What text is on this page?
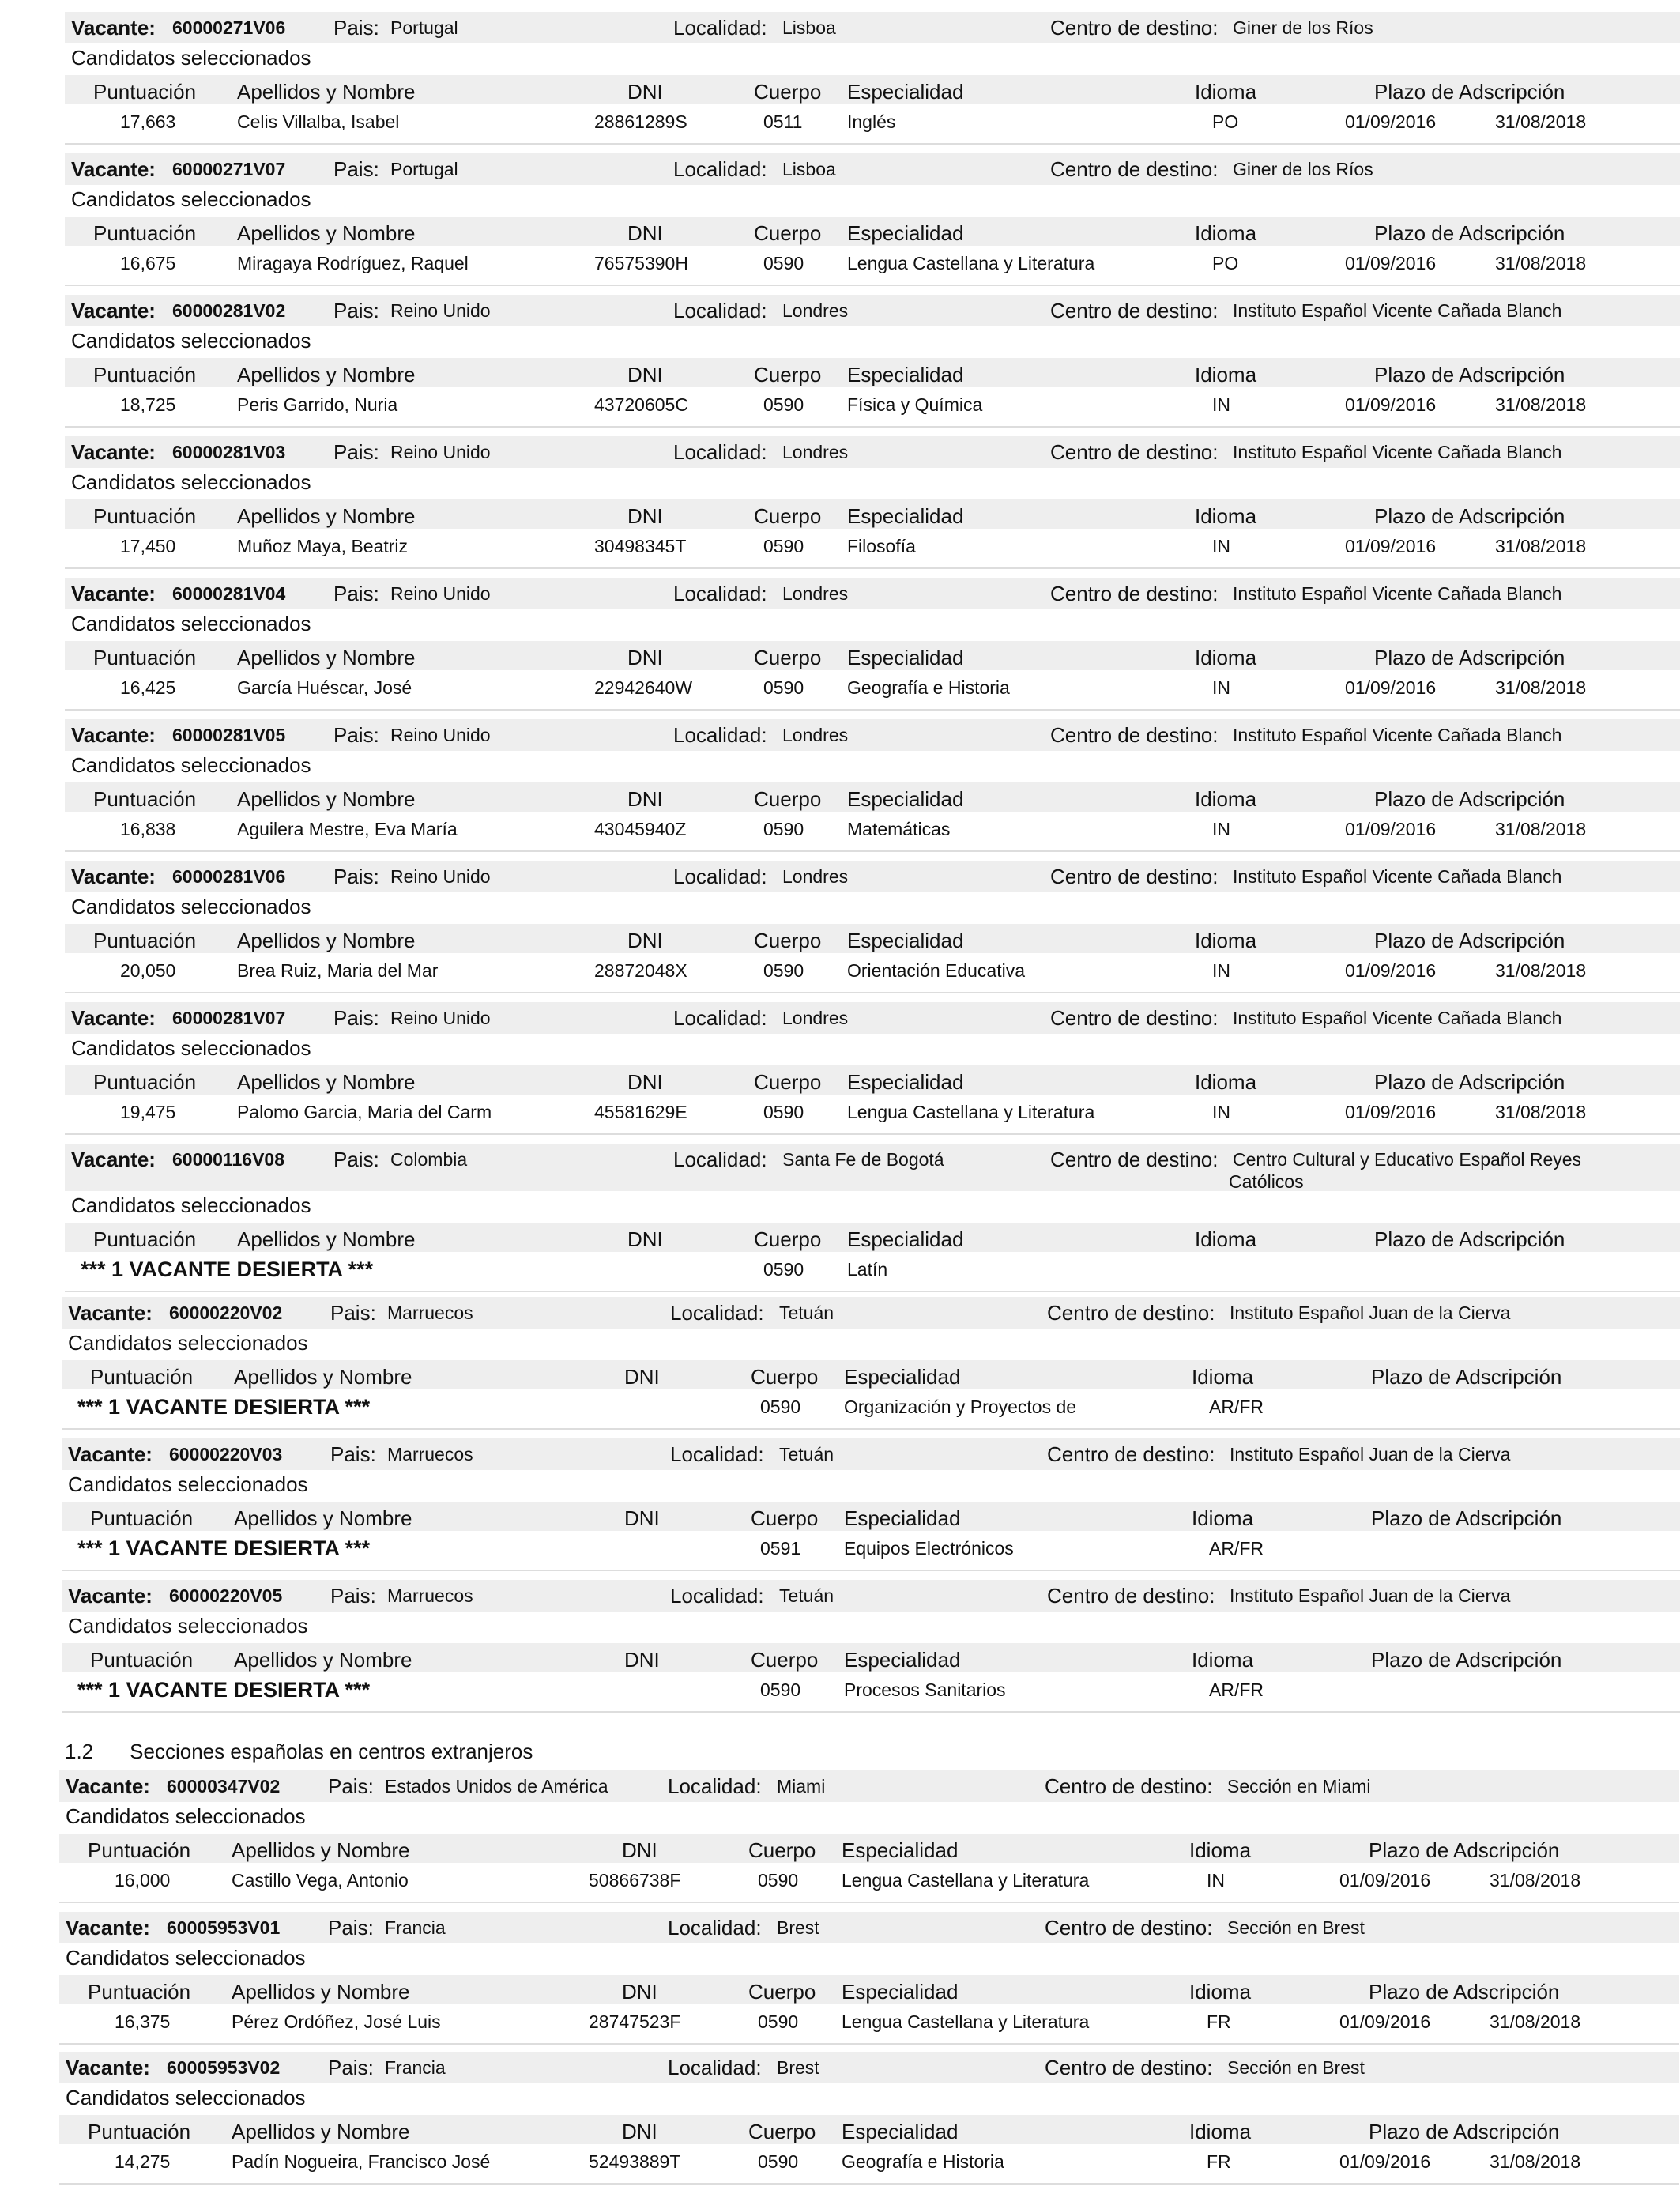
1.2 Secciones españolas en centros extranjeros
Vacante: 60000271V06 Pais: Portugal	Localidad: Lisboa	Centro de destino: Giner de los Ríos
Candidatos seleccionados
Puntuación Apellidos y Nombre	DNI	Cuerpo Especialidad	Idioma	Plazo de Adscripción
17,663	Celis Villalba, Isabel	28861289S	0511 Inglés	PO	01/09/2016	31/08/2018
Vacante: 60000271V07 Pais: Portugal	Localidad: Lisboa	Centro de destino: Giner de los Ríos
Candidatos seleccionados
Puntuación Apellidos y Nombre	DNI	Cuerpo Especialidad	Idioma	Plazo de Adscripción
16,675	Miragaya Rodríguez, Raquel	76575390H	0590 Lengua Castellana y Literatura	PO	01/09/2016	31/08/2018
Vacante: 60000281V02 Pais: Reino Unido	Localidad: Londres	Centro de destino: Instituto Español Vicente Cañada Blanch
Candidatos seleccionados
Puntuación Apellidos y Nombre	DNI	Cuerpo Especialidad	Idioma	Plazo de Adscripción
18,725	Peris Garrido, Nuria	43720605C	0590 Física y Química	IN	01/09/2016	31/08/2018
Vacante: 60000281V03 Pais: Reino Unido	Localidad: Londres	Centro de destino: Instituto Español Vicente Cañada Blanch
Candidatos seleccionados
Puntuación Apellidos y Nombre	DNI	Cuerpo Especialidad	Idioma	Plazo de Adscripción
17,450	Muñoz Maya, Beatriz	30498345T	0590 Filosofía	IN	01/09/2016	31/08/2018
Vacante: 60000281V04 Pais: Reino Unido	Localidad: Londres	Centro de destino: Instituto Español Vicente Cañada Blanch
Candidatos seleccionados
Puntuación Apellidos y Nombre	DNI	Cuerpo Especialidad	Idioma	Plazo de Adscripción
16,425	García Huéscar, José	22942640W	0590 Geografía e Historia	IN	01/09/2016	31/08/2018
Vacante: 60000281V05 Pais: Reino Unido	Localidad: Londres	Centro de destino: Instituto Español Vicente Cañada Blanch
Candidatos seleccionados
Puntuación Apellidos y Nombre	DNI	Cuerpo Especialidad	Idioma	Plazo de Adscripción
16,838	Aguilera Mestre, Eva María	43045940Z	0590 Matemáticas	IN	01/09/2016	31/08/2018
Vacante: 60000281V06 Pais: Reino Unido	Localidad: Londres	Centro de destino: Instituto Español Vicente Cañada Blanch
Candidatos seleccionados
Puntuación Apellidos y Nombre	DNI	Cuerpo Especialidad	Idioma	Plazo de Adscripción
20,050	Brea Ruiz, Maria del Mar	28872048X	0590 Orientación Educativa	IN	01/09/2016	31/08/2018
Vacante: 60000281V07 Pais: Reino Unido	Localidad: Londres	Centro de destino: Instituto Español Vicente Cañada Blanch
Candidatos seleccionados
Puntuación Apellidos y Nombre	DNI	Cuerpo Especialidad	Idioma	Plazo de Adscripción
19,475	Palomo Garcia, Maria del Carm	45581629E	0590 Lengua Castellana y Literatura	IN	01/09/2016	31/08/2018
Vacante: 60000116V08 Pais: Colombia	Localidad: Santa Fe de Bogotá	Centro de destino: Centro Cultural y Educativo Español Reyes
Católicos
Candidatos seleccionados
Puntuación Apellidos y Nombre	DNI	Cuerpo Especialidad	Idioma	Plazo de Adscripción
*** 1 VACANTE DESIERTA ***	0590 Latín
Vacante: 60000220V02 Pais: Marruecos	Localidad: Tetuán	Centro de destino: Instituto Español Juan de la Cierva
Candidatos seleccionados
Puntuación Apellidos y Nombre	DNI	Cuerpo Especialidad	Idioma	Plazo de Adscripción
*** 1 VACANTE DESIERTA ***	0590 Organización y Proyectos de	AR/FR
Vacante: 60000220V03 Pais: Marruecos	Localidad: Tetuán	Centro de destino: Instituto Español Juan de la Cierva
Candidatos seleccionados
Puntuación Apellidos y Nombre	DNI	Cuerpo Especialidad	Idioma	Plazo de Adscripción
*** 1 VACANTE DESIERTA ***	0591 Equipos Electrónicos	AR/FR
Vacante: 60000220V05 Pais: Marruecos	Localidad: Tetuán	Centro de destino: Instituto Español Juan de la Cierva
Candidatos seleccionados
Puntuación Apellidos y Nombre	DNI	Cuerpo Especialidad	Idioma	Plazo de Adscripción
*** 1 VACANTE DESIERTA ***	0590 Procesos Sanitarios	AR/FR
Vacante: 60000347V02 Pais: Estados Unidos de América	Localidad: Miami	Centro de destino: Sección en Miami
Candidatos seleccionados
Puntuación Apellidos y Nombre	DNI	Cuerpo Especialidad	Idioma	Plazo de Adscripción
16,000	Castillo Vega, Antonio	50866738F	0590 Lengua Castellana y Literatura	IN	01/09/2016	31/08/2018
Vacante: 60005953V01 Pais: Francia	Localidad: Brest	Centro de destino: Sección en Brest
Candidatos seleccionados
Puntuación Apellidos y Nombre	DNI	Cuerpo Especialidad	Idioma	Plazo de Adscripción
16,375	Pérez Ordóñez, José Luis	28747523F	0590 Lengua Castellana y Literatura	FR	01/09/2016	31/08/2018
Vacante: 60005953V02 Pais: Francia	Localidad: Brest	Centro de destino: Sección en Brest
Candidatos seleccionados
Puntuación Apellidos y Nombre	DNI	Cuerpo Especialidad	Idioma	Plazo de Adscripción
14,275	Padín Nogueira, Francisco José	52493889T	0590 Geografía e Historia	FR	01/09/2016	31/08/2018
